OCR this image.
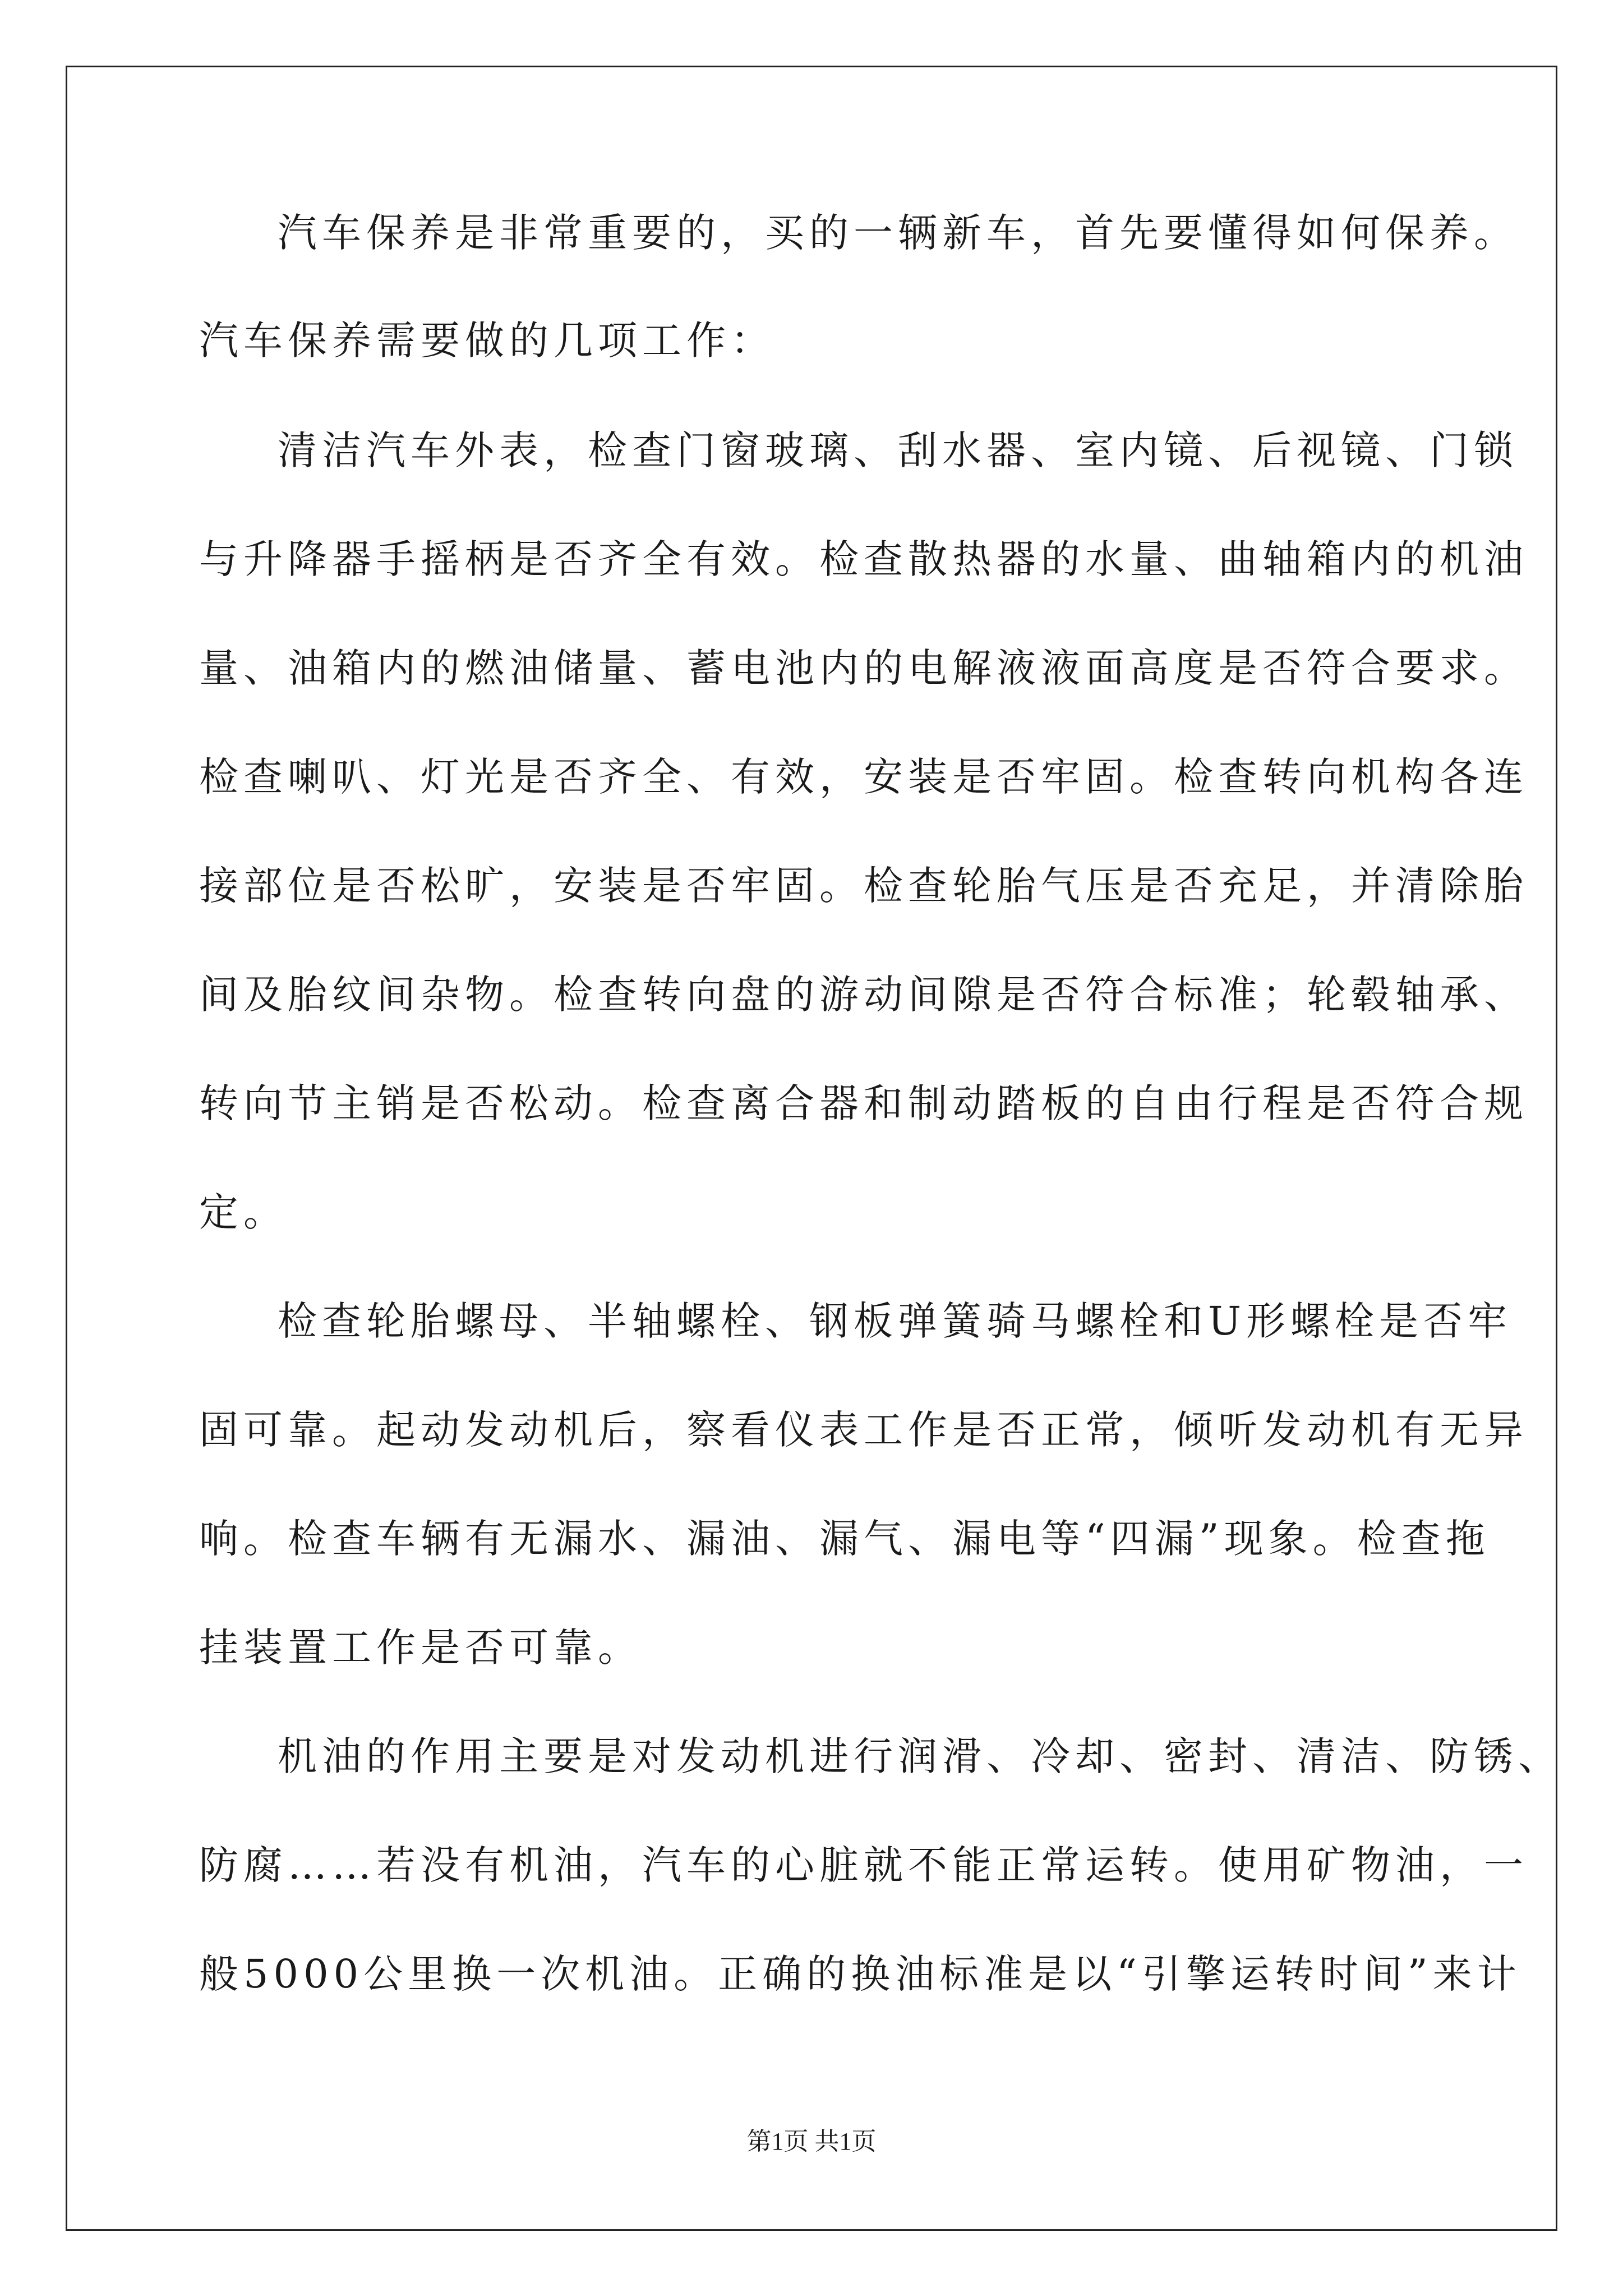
汽车保养是非常重要的，买的一辆新车，首先要懂得如何保养。
汽车保养需要做的几项工作：
清洁汽车外表，检查门窗玻璃、刮水器、室内镜、后视镜、门锁
与升降器手摇柄是否齐全有效。检查散热器的水量、曲轴箱内的机油
量、油箱内的燃油储量、蓄电池内的电解液液面高度是否符合要求。
检查喇叭、灯光是否齐全、有效，安装是否牢固。检查转向机构各连
接部位是否松旷，安装是否牢固。检查轮胎气压是否充足，并清除胎
间及胎纹间杂物。检查转向盘的游动间隙是否符合标准；轮毂轴承、
转向节主销是否松动。检查离合器和制动踏板的自由行程是否符合规
定。
检查轮胎螺母、半轴螺栓、钢板弹簧骑马螺栓和U形螺栓是否牢
固可靠。起动发动机后，察看仪表工作是否正常，倾听发动机有无异
响。检查车辆有无漏水、漏油、漏气、漏电等“四漏”现象。检查拖
挂装置工作是否可靠。
机油的作用主要是对发动机进行润滑、冷却、密封、清洁、防锈、
防腐……若没有机油，汽车的心脏就不能正常运转。使用矿物油，一
般5000公里换一次机油。正确的换油标准是以“引擎运转时间”来计
第1页 共1页
